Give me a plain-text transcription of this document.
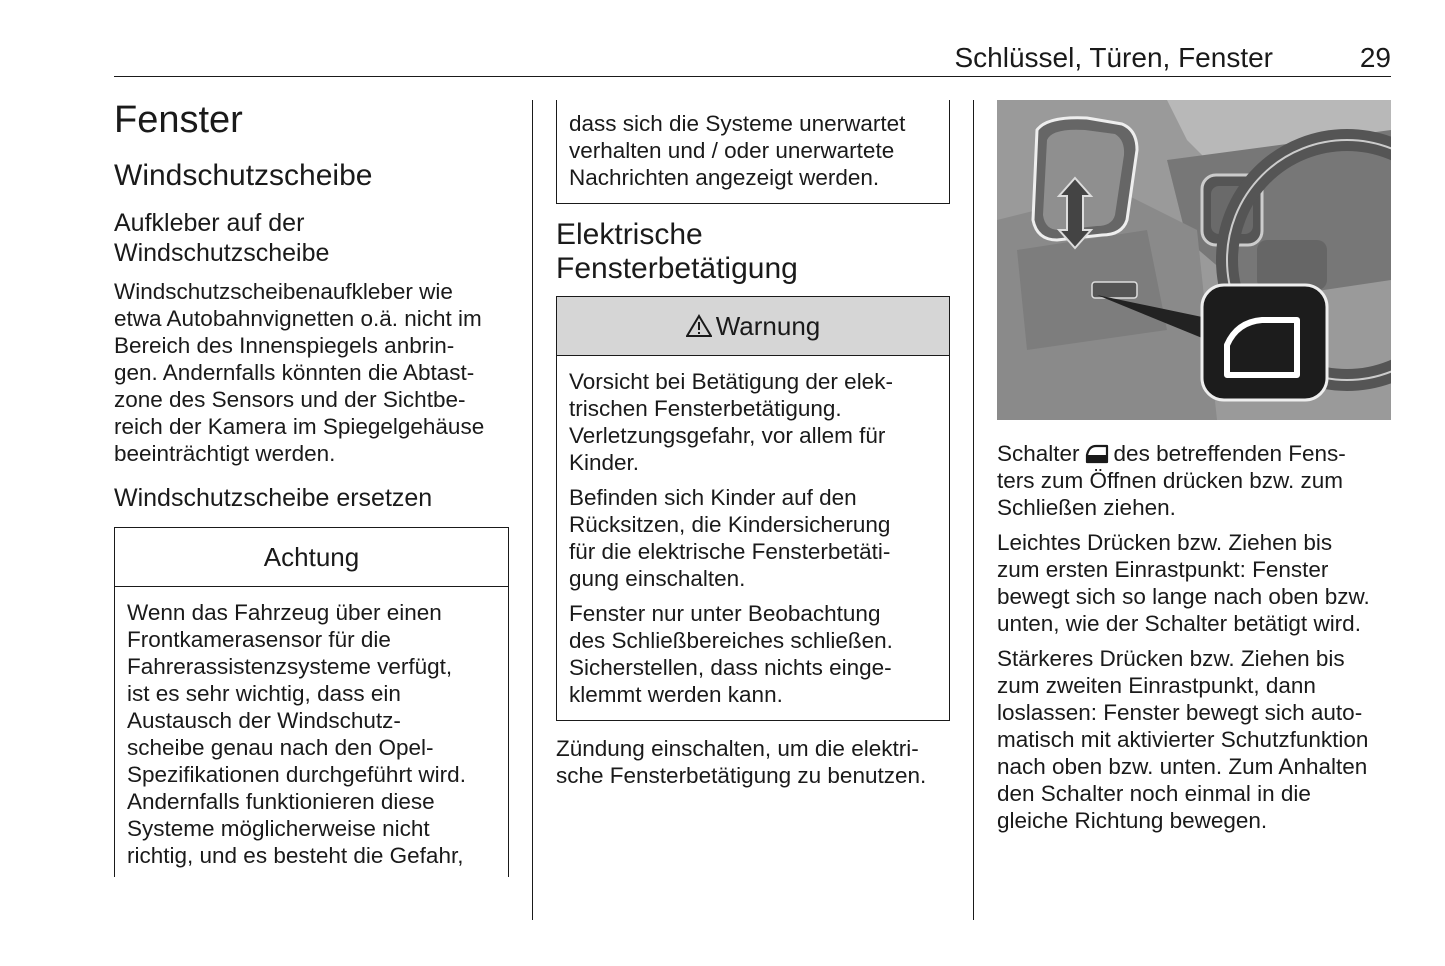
Schlüssel, Türen, Fenster	29
Fenster
Windschutzscheibe
Aufkleber auf der
Windschutzscheibe
Windschutzscheibenaufkleber wie
etwa Autobahnvignetten o.ä. nicht im
Bereich des Innenspiegels anbrin-
gen. Andernfalls könnten die Abtast-
zone des Sensors und der Sichtbe-
reich der Kamera im Spiegelgehäuse
beeinträchtigt werden.
Windschutzscheibe ersetzen
Achtung
Wenn das Fahrzeug über einen
Frontkamerasensor für die
Fahrerassistenzsysteme verfügt,
ist es sehr wichtig, dass ein
Austausch der Windschutz-
scheibe genau nach den Opel-
Spezifikationen durchgeführt wird.
Andernfalls funktionieren diese
Systeme möglicherweise nicht
richtig, und es besteht die Gefahr,
dass sich die Systeme unerwartet
verhalten und / oder unerwartete
Nachrichten angezeigt werden.
Elektrische
Fensterbetätigung
Warnung
Vorsicht bei Betätigung der elek-
trischen Fensterbetätigung.
Verletzungsgefahr, vor allem für
Kinder.
Befinden sich Kinder auf den
Rücksitzen, die Kindersicherung
für die elektrische Fensterbetäti-
gung einschalten.
Fenster nur unter Beobachtung
des Schließbereiches schließen.
Sicherstellen, dass nichts einge-
klemmt werden kann.
Zündung einschalten, um die elektri-
sche Fensterbetätigung zu benutzen.
Schalter des betreffenden Fens-
ters zum Öffnen drücken bzw. zum
Schließen ziehen.
Leichtes Drücken bzw. Ziehen bis
zum ersten Einrastpunkt: Fenster
bewegt sich so lange nach oben bzw.
unten, wie der Schalter betätigt wird.
Stärkeres Drücken bzw. Ziehen bis
zum zweiten Einrastpunkt, dann
loslassen: Fenster bewegt sich auto-
matisch mit aktivierter Schutzfunktion
nach oben bzw. unten. Zum Anhalten
den Schalter noch einmal in die
gleiche Richtung bewegen.
